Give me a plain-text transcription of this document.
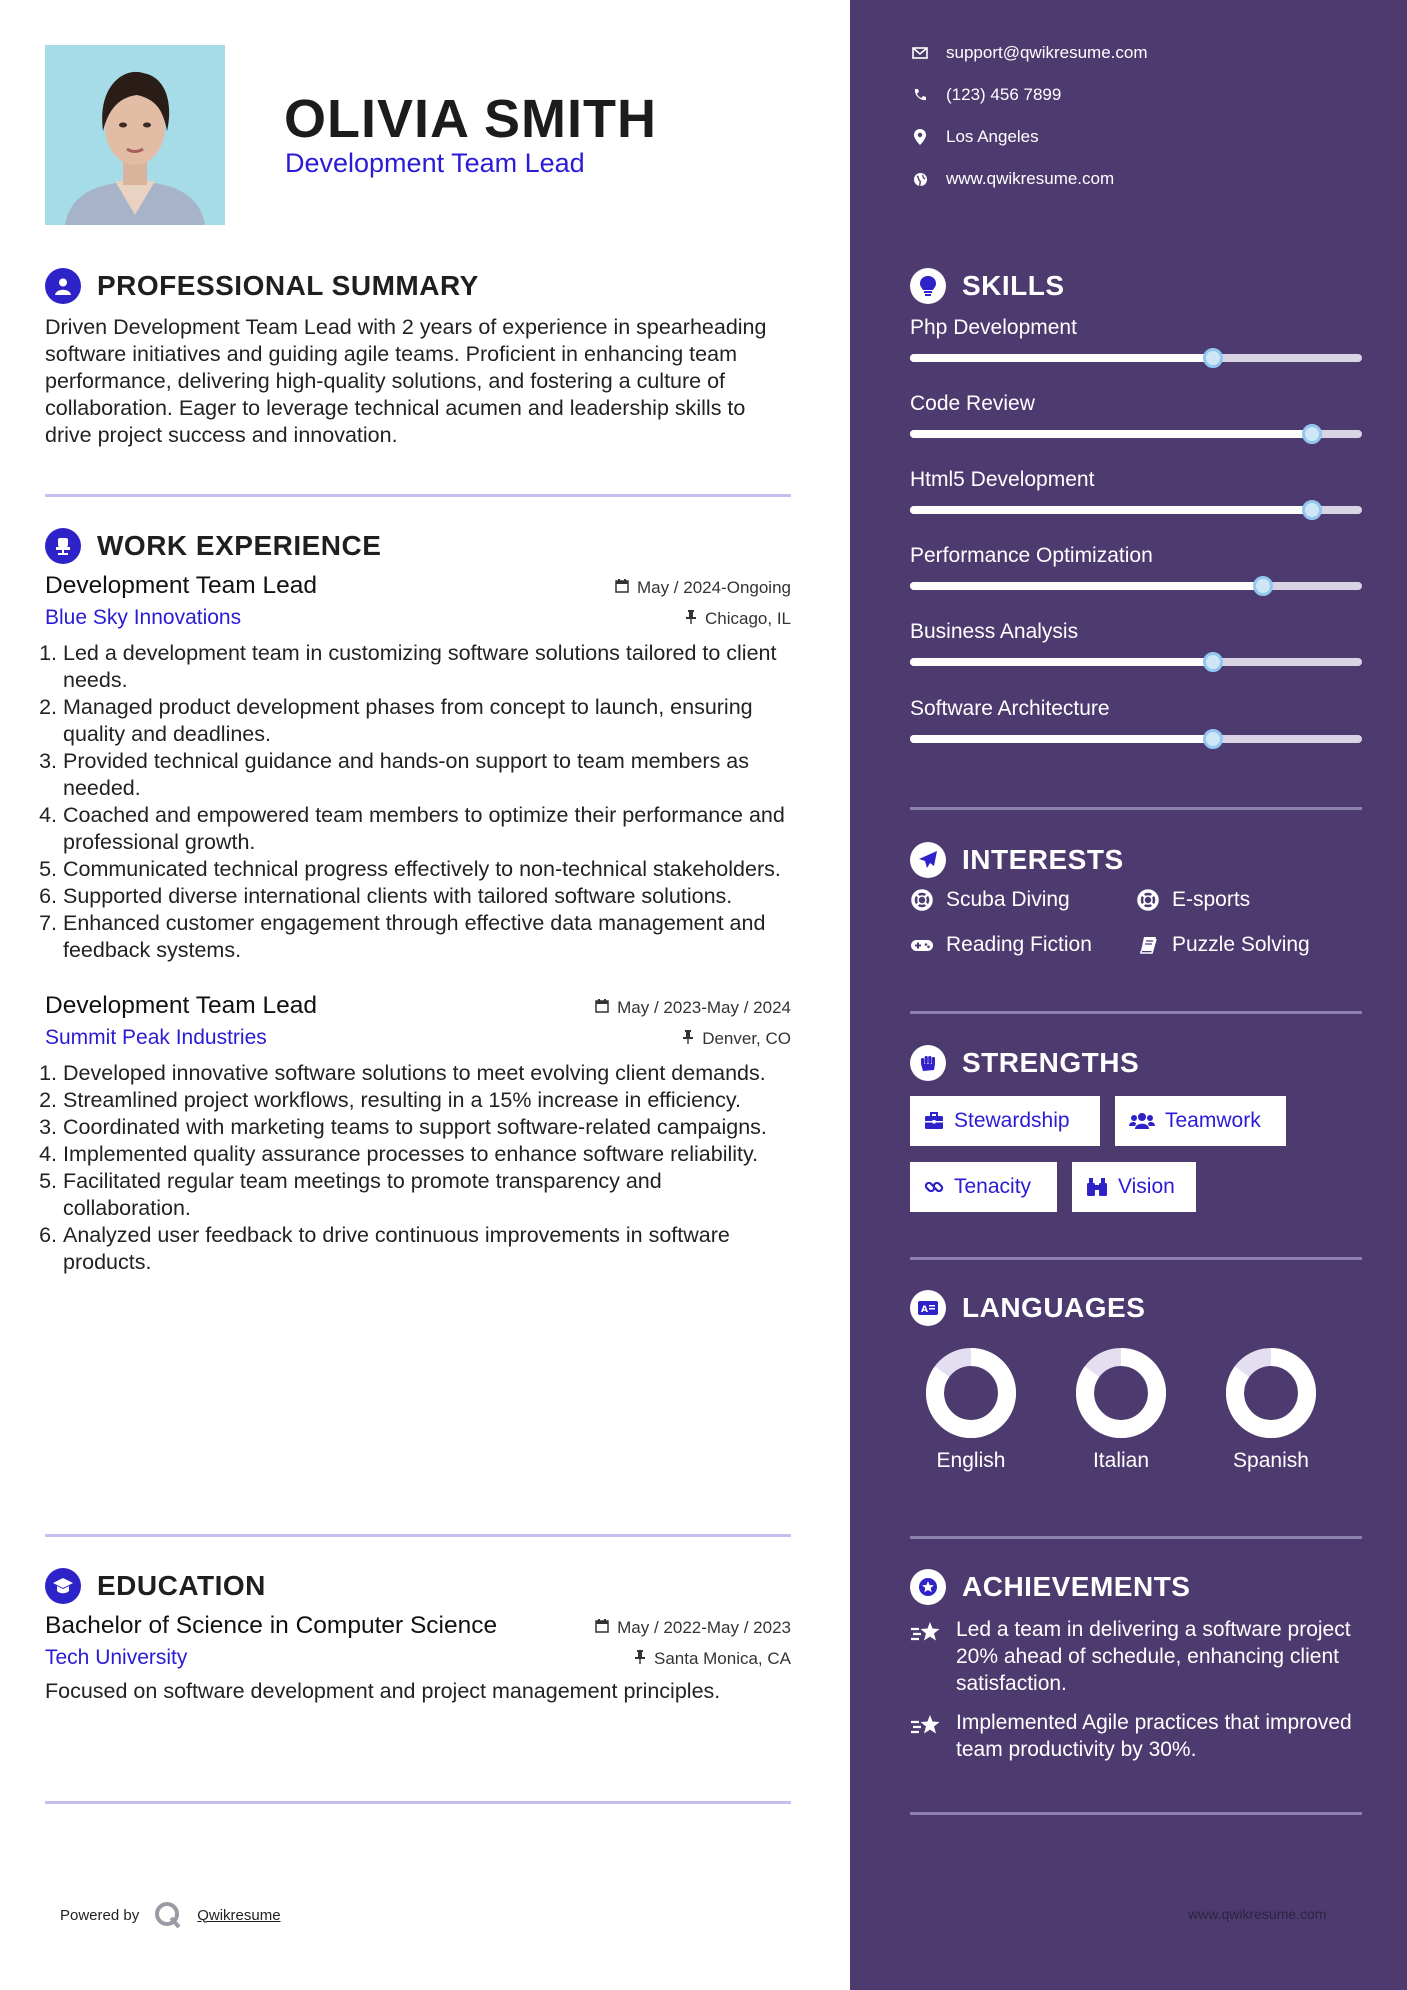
OLIVIA SMITH
Development Team Lead
PROFESSIONAL SUMMARY

Driven Development Team Lead with 2 years of experience in spearheading software initiatives and guiding agile teams. Proficient in enhancing team performance, delivering high-quality solutions, and fostering a culture of collaboration. Eager to leverage technical acumen and leadership skills to drive project success and innovation.

WORK EXPERIENCE
Development Team Lead	May / 2024-Ongoing
Blue Sky Innovations	Chicago, IL
1. Led a development team in customizing software solutions tailored to client needs.
2. Managed product development phases from concept to launch, ensuring quality and deadlines.
3. Provided technical guidance and hands-on support to team members as needed.
4. Coached and empowered team members to optimize their performance and professional growth.
5. Communicated technical progress effectively to non-technical stakeholders.
6. Supported diverse international clients with tailored software solutions.
7. Enhanced customer engagement through effective data management and feedback systems.
Development Team Lead	May / 2023-May / 2024
Summit Peak Industries	Denver, CO
1. Developed innovative software solutions to meet evolving client demands.
2. Streamlined project workflows, resulting in a 15% increase in efficiency.
3. Coordinated with marketing teams to support software-related campaigns.
4. Implemented quality assurance processes to enhance software reliability.
5. Facilitated regular team meetings to promote transparency and collaboration.
6. Analyzed user feedback to drive continuous improvements in software products.
EDUCATION
Bachelor of Science in Computer Science	May / 2022-May / 2023
Tech University	Santa Monica, CA

Focused on software development and project management principles.

Powered by	Qwikresume
support@qwikresume.com
(123) 456 7899
Los Angeles
www.qwikresume.com
SKILLS
Php Development
Code Review
Html5 Development
Performance Optimization
Business Analysis
Software Architecture
INTERESTS
Scuba Diving	E-sports
Reading Fiction	Puzzle Solving
STRENGTHS
Stewardship	Teamwork
Tenacity	Vision
A LANGUAGES
English	Italian	Spanish
ACHIEVEMENTS
Led a team in delivering a software project 20% ahead of schedule, enhancing client satisfaction.
Implemented Agile practices that improved team productivity by 30%.
www.qwikresume.com
